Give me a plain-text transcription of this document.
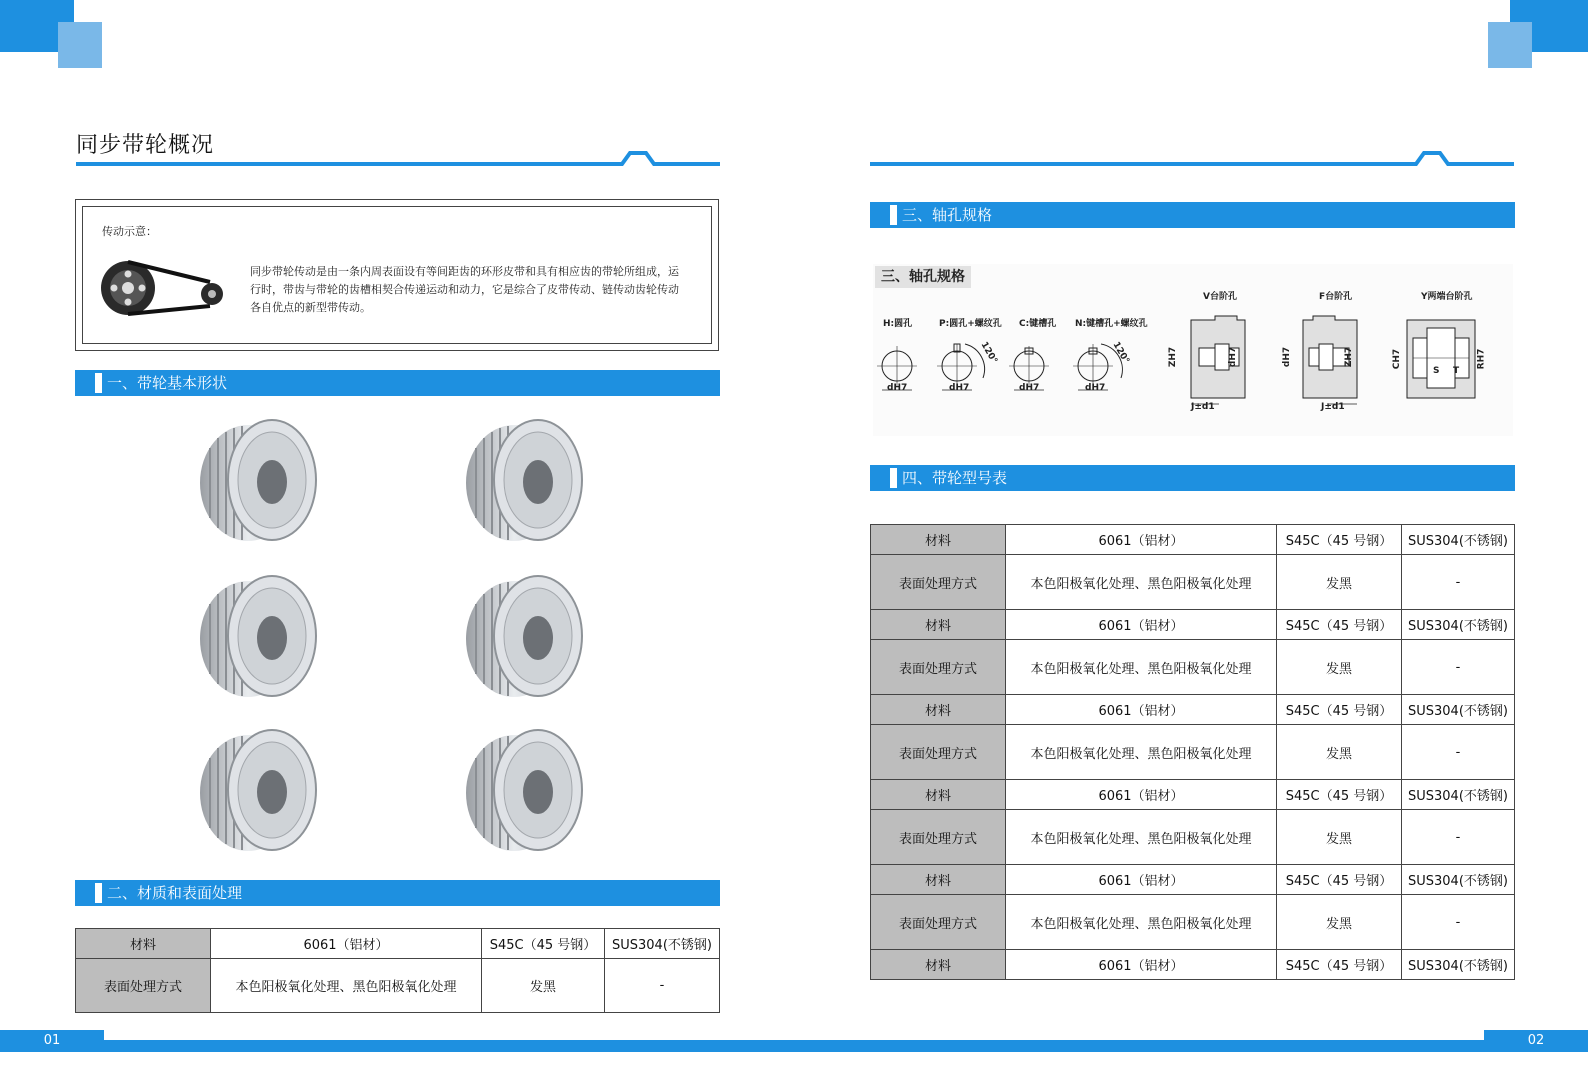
同步带轮概况
传动示意：
同步带轮传动是由一条内周表面设有等间距齿的环形皮带和具有相应齿的带轮所组成，运行时，带齿与带轮的齿槽相契合传递运动和动力，它是综合了皮带传动、链传动齿轮传动各自优点的新型带传动。
一、带轮基本形状
二、材质和表面处理
材料	6061（铝材）	S45C（45 号钢）	SUS304(不锈钢)
表面处理方式	本色阳极氧化处理、黑色阳极氧化处理	发黑	-
三、轴孔规格
三、轴孔规格
H:圆孔	P:圆孔+螺纹孔 C:键槽孔 N:键槽孔+螺纹孔
V台阶孔	F台阶孔	Y两端台阶孔
dH7
120°
dH7	dH7
120°
dH7
ZH7	dH7
J±d1
dH7	ZH7
J±d1
CH7	RH7
S T
四、带轮型号表
材料	6061（铝材）	S45C（45 号钢）	SUS304(不锈钢)
表面处理方式	本色阳极氧化处理、黑色阳极氧化处理	发黑	-
材料	6061（铝材）	S45C（45 号钢）	SUS304(不锈钢)
表面处理方式	本色阳极氧化处理、黑色阳极氧化处理	发黑	-
材料	6061（铝材）	S45C（45 号钢）	SUS304(不锈钢)
表面处理方式	本色阳极氧化处理、黑色阳极氧化处理	发黑	-
材料	6061（铝材）	S45C（45 号钢）	SUS304(不锈钢)
表面处理方式	本色阳极氧化处理、黑色阳极氧化处理	发黑	-
材料	6061（铝材）	S45C（45 号钢）	SUS304(不锈钢)
表面处理方式	本色阳极氧化处理、黑色阳极氧化处理	发黑	-
材料	6061（铝材）	S45C（45 号钢）	SUS304(不锈钢)
01	02
